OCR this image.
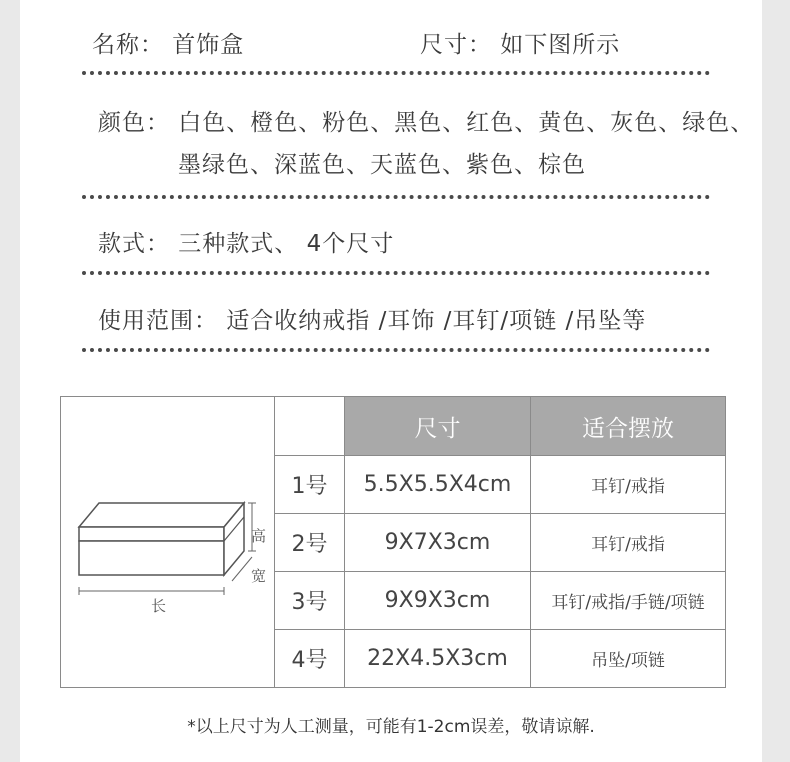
名称： 首饰盒	尺寸： 如下图所示
颜色： 白色、橙色、粉色、黑色、红色、黄色、灰色、绿色、
墨绿色、深蓝色、天蓝色、紫色、棕色
款式： 三种款式、 4个尺寸
使用范围： 适合收纳戒指 /耳饰 /耳钉/项链 /吊坠等
高
宽
长		尺寸	适合摆放
	1号	5.5X5.5X4cm	耳钉/戒指
	2号	9X7X3cm	耳钉/戒指
	3号	9X9X3cm	耳钉/戒指/手链/项链
	4号	22X4.5X3cm	吊坠/项链
*以上尺寸为人工测量，可能有1-2cm误差，敬请谅解.
